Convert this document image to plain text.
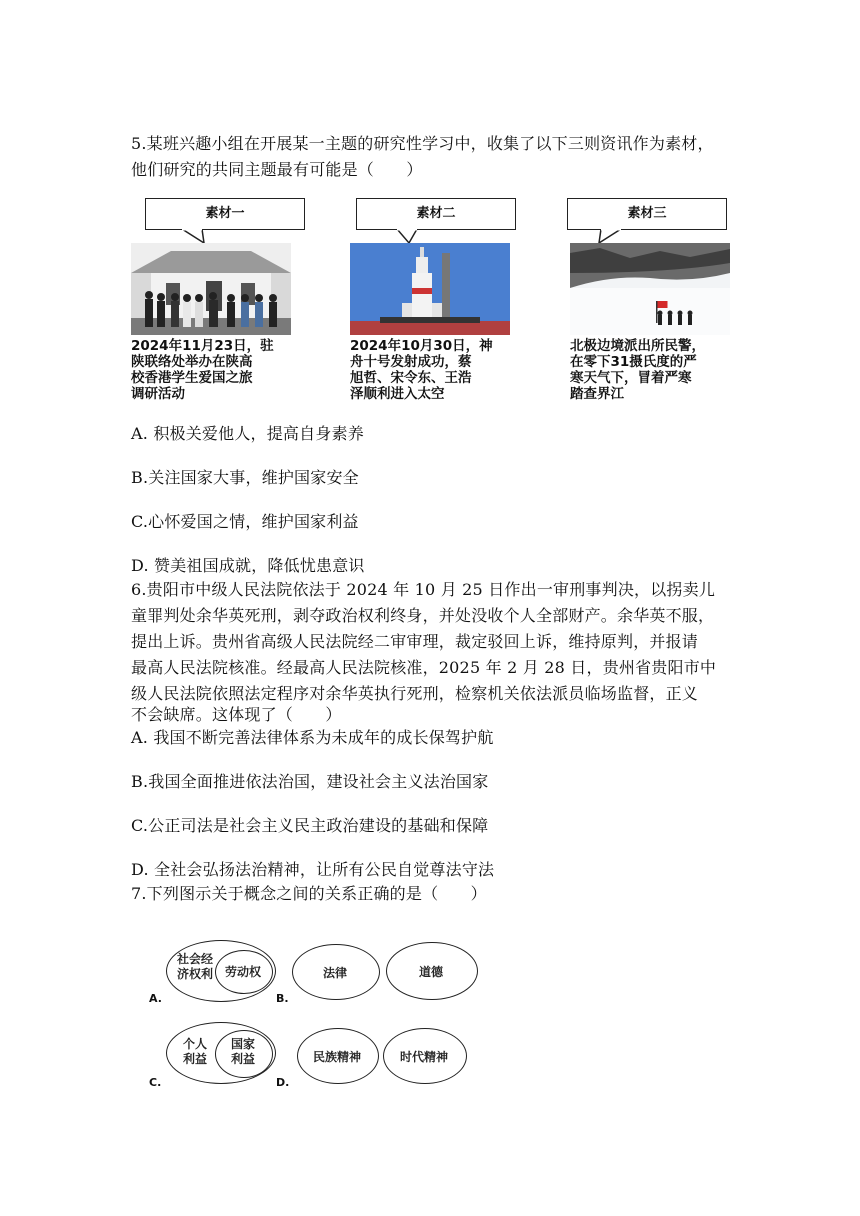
5.某班兴趣小组在开展某一主题的研究性学习中，收集了以下三则资讯作为素材，
他们研究的共同主题最有可能是（　　）
素材一
2024年11月23日，驻
陕联络处举办在陕高
校香港学生爱国之旅
调研活动
素材二
2024年10月30日，神
舟十号发射成功，蔡
旭哲、宋令东、王浩
泽顺利进入太空
素材三
北极边境派出所民警，
在零下31摄氏度的严
寒天气下，冒着严寒
踏查界江
A. 积极关爱他人，提高自身素养
B.关注国家大事，维护国家安全
C.心怀爱国之情，维护国家利益
D. 赞美祖国成就，降低忧患意识
6.贵阳市中级人民法院依法于 2024 年 10 月 25 日作出一审刑事判决，以拐卖儿
童罪判处余华英死刑，剥夺政治权利终身，并处没收个人全部财产。余华英不服，
提出上诉。贵州省高级人民法院经二审审理，裁定驳回上诉，维持原判，并报请
最高人民法院核准。经最高人民法院核准，2025 年 2 月 28 日，贵州省贵阳市中
级人民法院依照法定程序对余华英执行死刑，检察机关依法派员临场监督，正义
不会缺席。这体现了（　　）
A. 我国不断完善法律体系为未成年的成长保驾护航
B.我国全面推进依法治国，建设社会主义法治国家
C.公正司法是社会主义民主政治建设的基础和保障
D. 全社会弘扬法治精神，让所有公民自觉尊法守法
7.下列图示关于概念之间的关系正确的是（　　）
社会经
济权利 劳动权
A.
法律	道德
B.
个人
利益
国家
利益
C.
民族精神	时代精神
D.
